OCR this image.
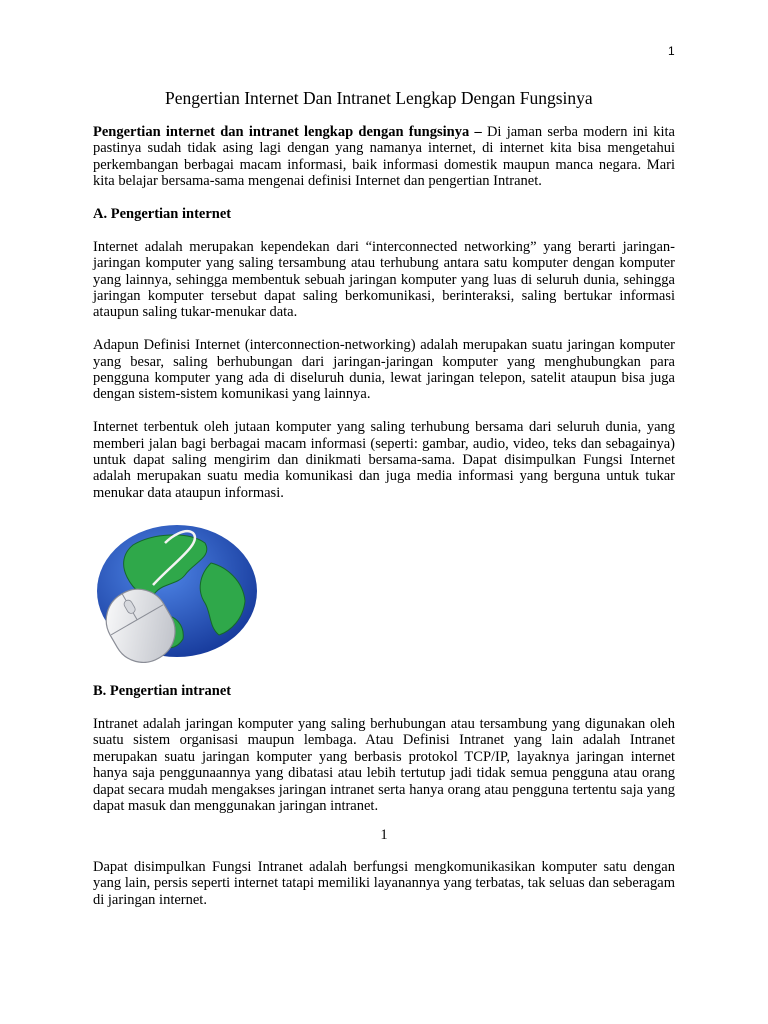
1
Pengertian Internet Dan Intranet Lengkap Dengan Fungsinya

Pengertian internet dan intranet lengkap dengan fungsinya – Di jaman serba modern ini kita pastinya sudah tidak asing lagi dengan yang namanya internet, di internet kita bisa mengetahui perkembangan berbagai macam informasi, baik informasi domestik maupun manca negara. Mari kita belajar bersama-sama mengenai definisi Internet dan pengertian Intranet.

A. Pengertian internet

Internet adalah merupakan kependekan dari “interconnected networking” yang berarti jaringan-jaringan komputer yang saling tersambung atau terhubung antara satu komputer dengan komputer yang lainnya, sehingga membentuk sebuah jaringan komputer yang luas di seluruh dunia, sehingga jaringan komputer tersebut dapat saling berkomunikasi, berinteraksi, saling bertukar informasi ataupun saling tukar-menukar data.

Adapun Definisi Internet (interconnection-networking) adalah merupakan suatu jaringan komputer yang besar, saling berhubungan dari jaringan-jaringan komputer yang menghubungkan para pengguna komputer yang ada di diseluruh dunia, lewat jaringan telepon, satelit ataupun bisa juga dengan sistem-sistem komunikasi yang lainnya.

Internet terbentuk oleh jutaan komputer yang saling terhubung bersama dari seluruh dunia, yang memberi jalan bagi berbagai macam informasi (seperti: gambar, audio, video, teks dan sebagainya) untuk dapat saling mengirim dan dinikmati bersama-sama. Dapat disimpulkan Fungsi Internet adalah merupakan suatu media komunikasi dan juga media informasi yang berguna untuk tukar menukar data ataupun informasi.

B. Pengertian intranet

Intranet adalah jaringan komputer yang saling berhubungan atau tersambung yang digunakan oleh suatu sistem organisasi maupun lembaga. Atau Definisi Intranet yang lain adalah Intranet merupakan suatu jaringan komputer yang berbasis protokol TCP/IP, layaknya jaringan internet hanya saja penggunaannya yang dibatasi atau lebih tertutup jadi tidak semua pengguna atau orang dapat secara mudah mengakses jaringan intranet serta hanya orang atau pengguna tertentu saja yang dapat masuk dan menggunakan jaringan intranet.

1

Dapat disimpulkan Fungsi Intranet adalah berfungsi mengkomunikasikan komputer satu dengan yang lain, persis seperti internet tatapi memiliki layanannya yang terbatas, tak seluas dan seberagam di jaringan internet.
